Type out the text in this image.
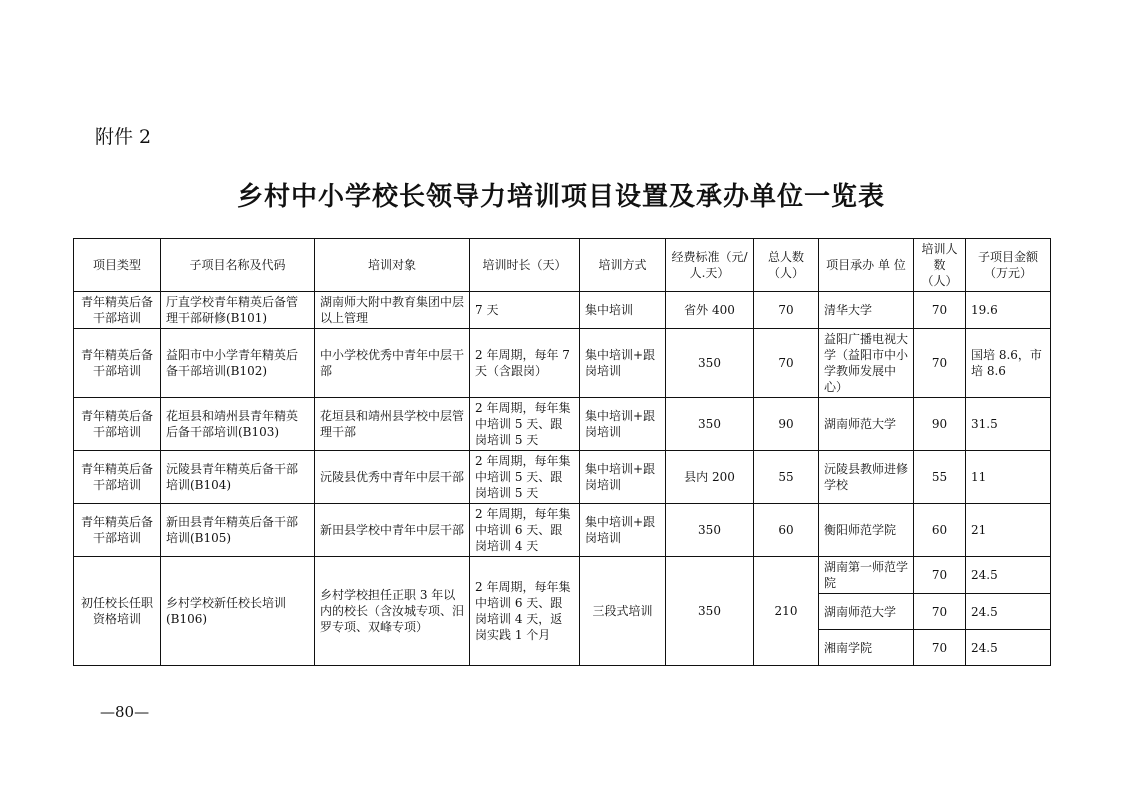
附件 2
乡村中小学校长领导力培训项目设置及承办单位一览表
项目类型	子项目名称及代码	培训对象	培训时长（天）	培训方式	经费标准（元/人.天）	总人数（人）	项目承办 单 位	培训人数（人）	子项目金额（万元）
青年精英后备干部培训	厅直学校青年精英后备管理干部研修(B101)	湖南师大附中教育集团中层以上管理	7 天	集中培训	省外 400	70	清华大学	70	19.6
青年精英后备干部培训	益阳市中小学青年精英后备干部培训(B102)	中小学校优秀中青年中层干部	2 年周期，每年 7 天（含跟岗）	集中培训+跟岗培训	350	70	益阳广播电视大学（益阳市中小学教师发展中心）	70	国培 8.6，市培 8.6
青年精英后备干部培训	花垣县和靖州县青年精英后备干部培训(B103)	花垣县和靖州县学校中层管理干部	2 年周期，每年集中培训 5 天、跟岗培训 5 天	集中培训+跟岗培训	350	90	湖南师范大学	90	31.5
青年精英后备干部培训	沅陵县青年精英后备干部培训(B104)	沅陵县优秀中青年中层干部	2 年周期，每年集中培训 5 天、跟岗培训 5 天	集中培训+跟岗培训	县内 200	55	沅陵县教师进修学校	55	11
青年精英后备干部培训	新田县青年精英后备干部培训(B105)	新田县学校中青年中层干部	2 年周期，每年集中培训 6 天、跟岗培训 4 天	集中培训+跟岗培训	350	60	衡阳师范学院	60	21
初任校长任职资格培训	乡村学校新任校长培训(B106)	乡村学校担任正职 3 年以内的校长（含汝城专项、汨罗专项、双峰专项）	2 年周期，每年集中培训 6 天、跟岗培训 4 天，返岗实践 1 个月	三段式培训	350	210	湖南第一师范学院	70	24.5
							湖南师范大学	70	24.5
							湘南学院	70	24.5
—80—
